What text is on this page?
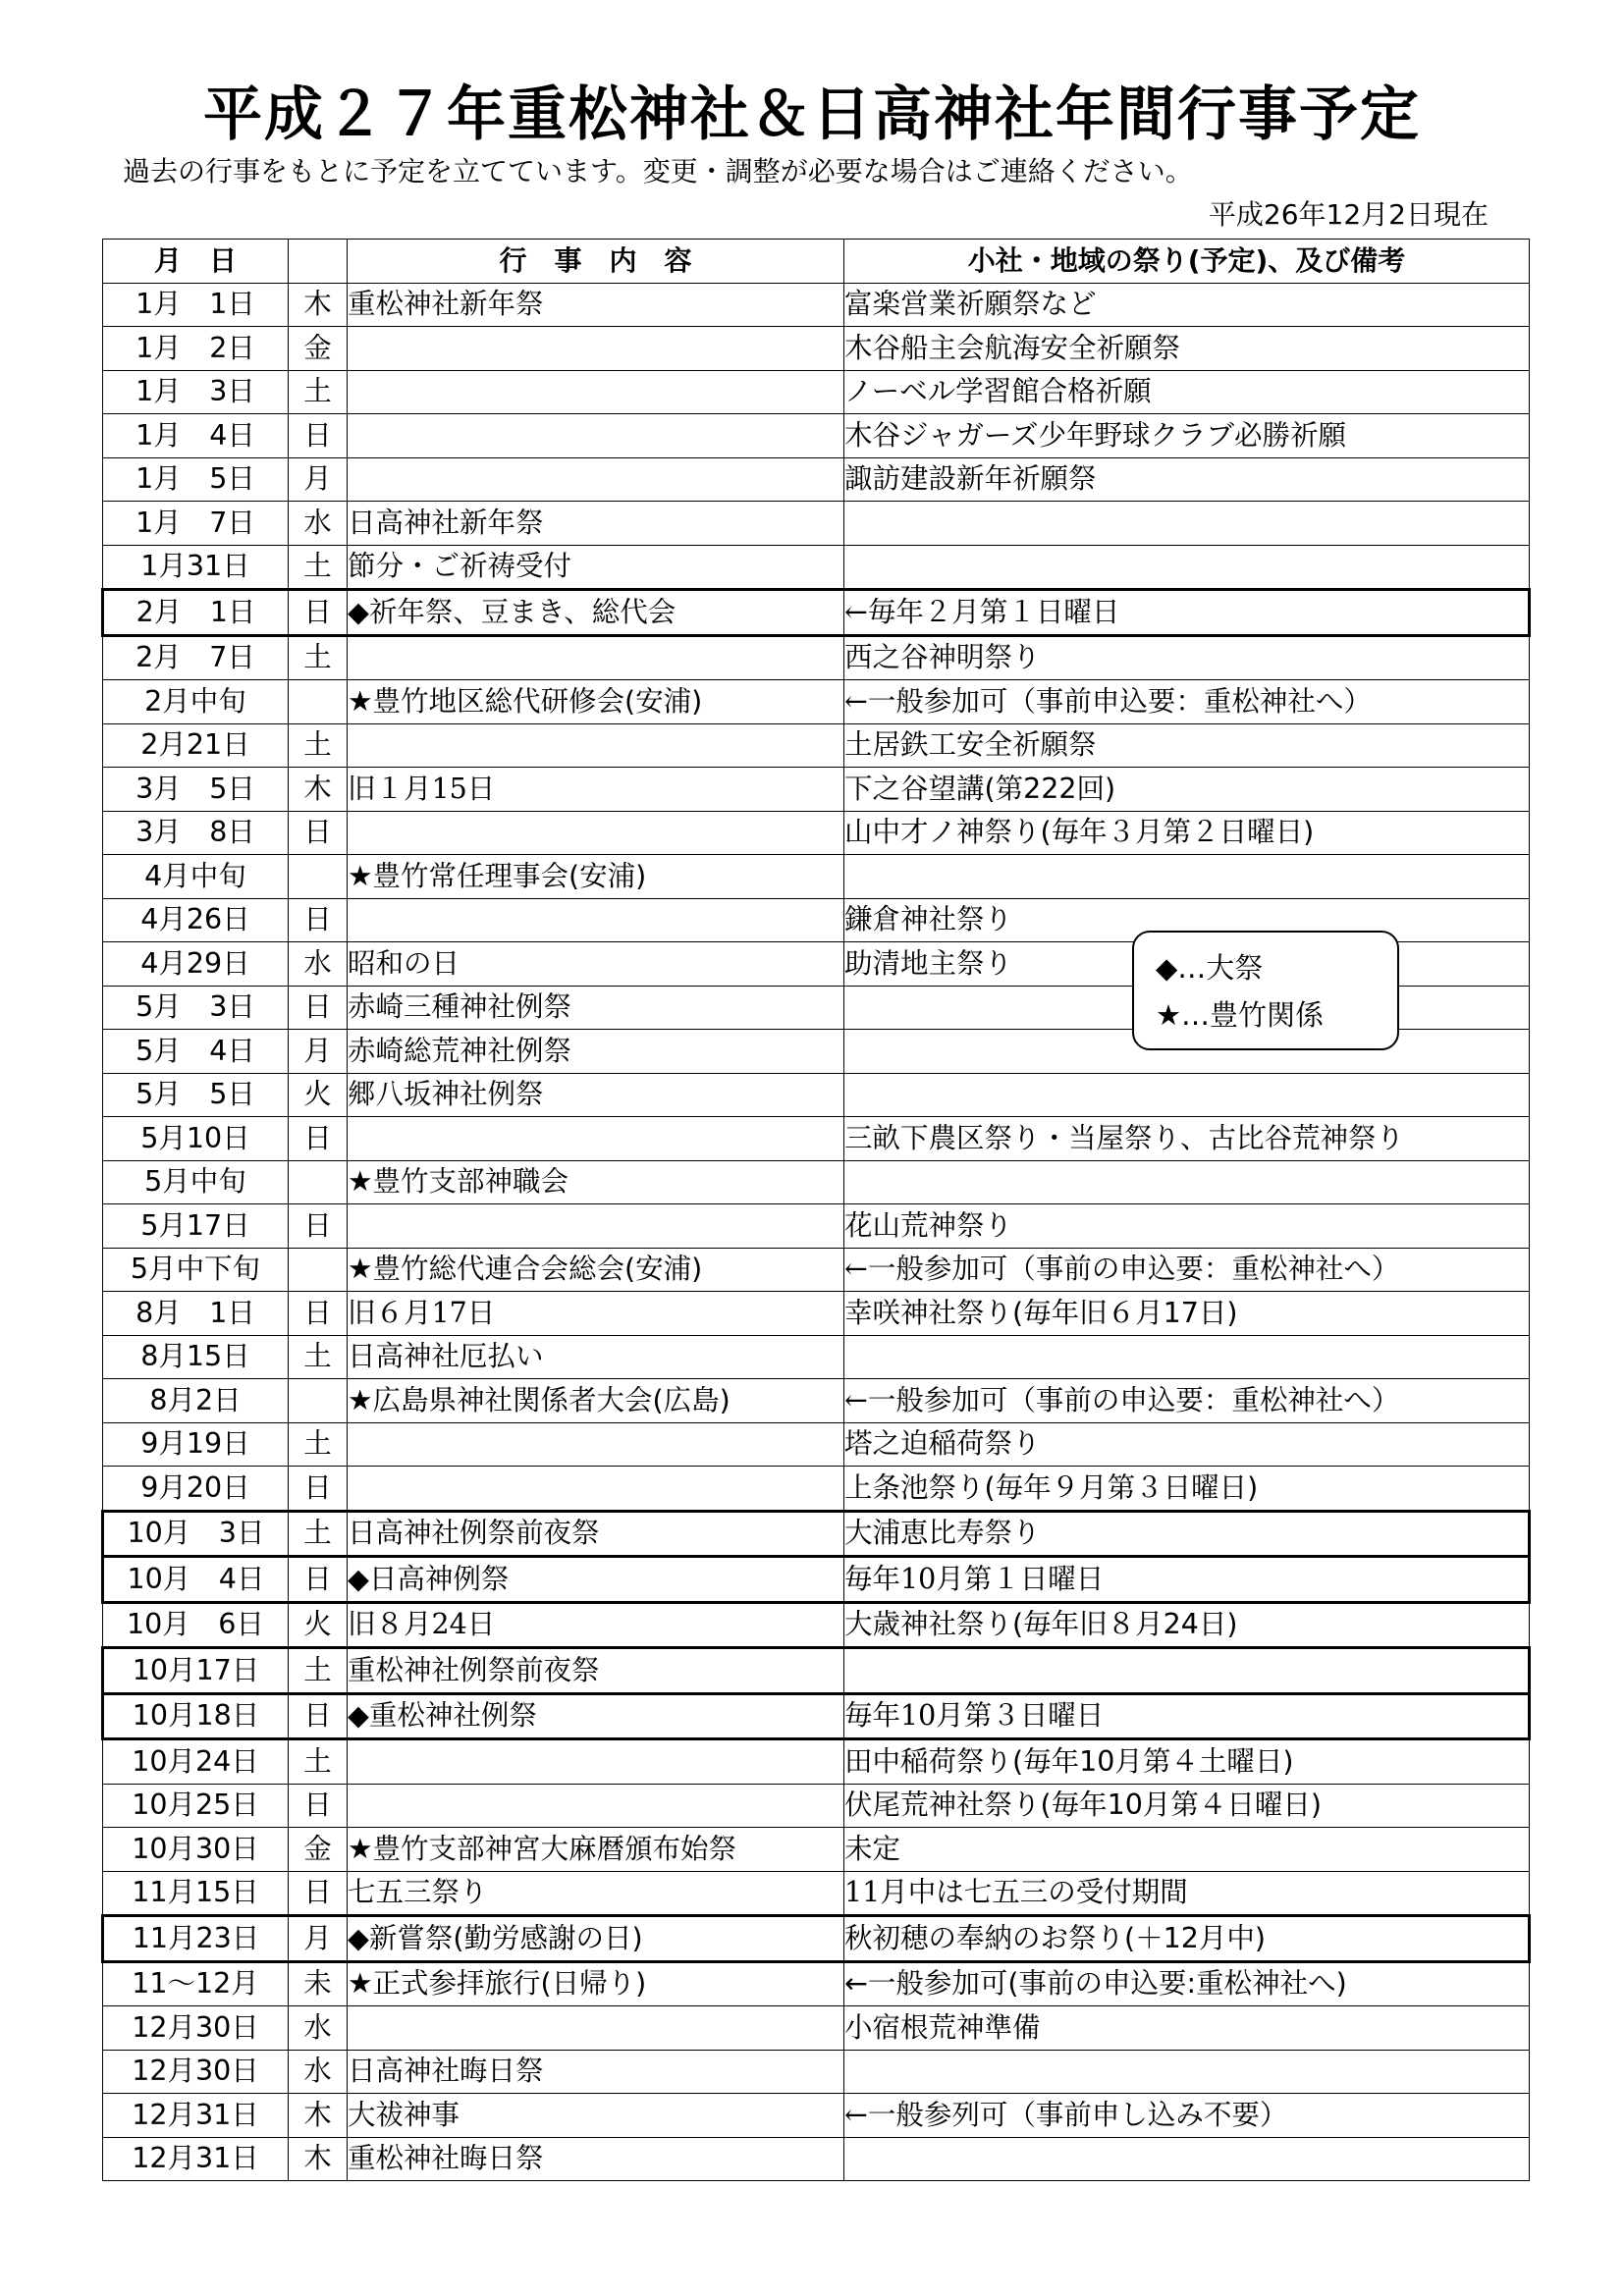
平成２７年重松神社＆日高神社年間行事予定
過去の行事をもとに予定を立てています。変更・調整が必要な場合はご連絡ください。
平成26年12月2日現在
月　日		行　事　内　容	小社・地域の祭り(予定)、及び備考
1月　1日	木	重松神社新年祭	富楽営業祈願祭など
1月　2日	金		木谷船主会航海安全祈願祭
1月　3日	土		ノーベル学習館合格祈願
1月　4日	日		木谷ジャガーズ少年野球クラブ必勝祈願
1月　5日	月		諏訪建設新年祈願祭
1月　7日	水	日高神社新年祭	
1月31日	土	節分・ご祈祷受付	
2月　1日	日	◆祈年祭、豆まき、総代会	←毎年２月第１日曜日
2月　7日	土		西之谷神明祭り
2月中旬		★豊竹地区総代研修会(安浦)	←一般参加可（事前申込要：重松神社へ）
2月21日	土		土居鉄工安全祈願祭
3月　5日	木	旧１月15日	下之谷望講(第222回)
3月　8日	日		山中才ノ神祭り(毎年３月第２日曜日)
4月中旬		★豊竹常任理事会(安浦)	
4月26日	日		鎌倉神社祭り
4月29日	水	昭和の日	助清地主祭り
5月　3日	日	赤崎三種神社例祭	
5月　4日	月	赤崎総荒神社例祭	
5月　5日	火	郷八坂神社例祭	
5月10日	日		三畝下農区祭り・当屋祭り、古比谷荒神祭り
5月中旬		★豊竹支部神職会	
5月17日	日		花山荒神祭り
5月中下旬		★豊竹総代連合会総会(安浦)	←一般参加可（事前の申込要：重松神社へ）
8月　1日	日	旧６月17日	幸咲神社祭り(毎年旧６月17日)
8月15日	土	日高神社厄払い	
8月2日		★広島県神社関係者大会(広島)	←一般参加可（事前の申込要：重松神社へ）
9月19日	土		塔之迫稲荷祭り
9月20日	日		上条池祭り(毎年９月第３日曜日)
10月　3日	土	日高神社例祭前夜祭	大浦恵比寿祭り
10月　4日	日	◆日高神例祭	毎年10月第１日曜日
10月　6日	火	旧８月24日	大歳神社祭り(毎年旧８月24日)
10月17日	土	重松神社例祭前夜祭	
10月18日	日	◆重松神社例祭	毎年10月第３日曜日
10月24日	土		田中稲荷祭り(毎年10月第４土曜日)
10月25日	日		伏尾荒神社祭り(毎年10月第４日曜日)
10月30日	金	★豊竹支部神宮大麻暦頒布始祭	未定
11月15日	日	七五三祭り	11月中は七五三の受付期間
11月23日	月	◆新嘗祭(勤労感謝の日)	秋初穂の奉納のお祭り(＋12月中)
11～12月	未	★正式参拝旅行(日帰り)	←一般参加可(事前の申込要:重松神社へ)
12月30日	水		小宿根荒神準備
12月30日	水	日高神社晦日祭	
12月31日	木	大祓神事	←一般参列可（事前申し込み不要）
12月31日	木	重松神社晦日祭	
◆…大祭
★…豊竹関係
